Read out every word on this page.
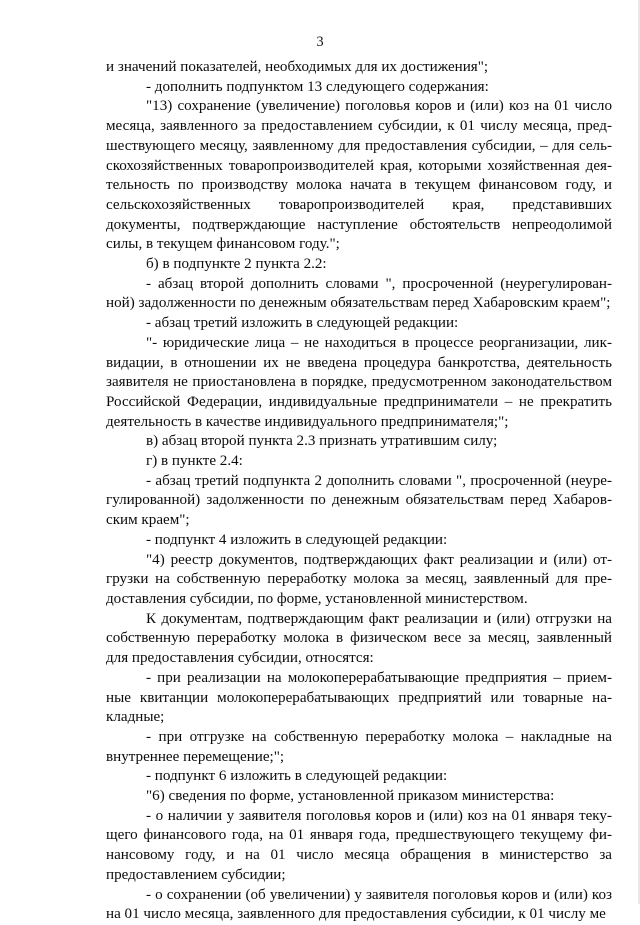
3

и значений показателей, необходимых для их достижения";

- дополнить подпунктом 13 следующего содержания:

"13) сохранение (увеличение) поголовья коров и (или) коз на 01 число месяца, заявленного за предоставлением субсидии, к 01 числу месяца, предшествующего месяцу, заявленному для предоставления субсидии, – для сельскохозяйственных товаропроизводителей края, которыми хозяйственная деятельность по производству молока начата в текущем финансовом году, и сельскохозяйственных товаропроизводителей края, представивших документы, подтверждающие наступление обстоятельств непреодолимой силы, в текущем финансовом году.";

б) в подпункте 2 пункта 2.2:

- абзац второй дополнить словами ", просроченной (неурегулированной) задолженности по денежным обязательствам перед Хабаровским краем";

- абзац третий изложить в следующей редакции:

"- юридические лица – не находиться в процессе реорганизации, ликвидации, в отношении их не введена процедура банкротства, деятельность заявителя не приостановлена в порядке, предусмотренном законодательством Российской Федерации, индивидуальные предприниматели – не прекратить деятельность в качестве индивидуального предпринимателя;";

в) абзац второй пункта 2.3 признать утратившим силу;

г) в пункте 2.4:

- абзац третий подпункта 2 дополнить словами ", просроченной (неурегулированной) задолженности по денежным обязательствам перед Хабаровским краем";

- подпункт 4 изложить в следующей редакции:

"4) реестр документов, подтверждающих факт реализации и (или) отгрузки на собственную переработку молока за месяц, заявленный для предоставления субсидии, по форме, установленной министерством.

К документам, подтверждающим факт реализации и (или) отгрузки на собственную переработку молока в физическом весе за месяц, заявленный для предоставления субсидии, относятся:

- при реализации на молокоперерабатывающие предприятия – приемные квитанции молокоперерабатывающих предприятий или товарные накладные;

- при отгрузке на собственную переработку молока – накладные на внутреннее перемещение;";

- подпункт 6 изложить в следующей редакции:

"6) сведения по форме, установленной приказом министерства:

- о наличии у заявителя поголовья коров и (или) коз на 01 января текущего финансового года, на 01 января года, предшествующего текущему финансовому году, и на 01 число месяца обращения в министерство за предоставлением субсидии;

- о сохранении (об увеличении) у заявителя поголовья коров и (или) коз на 01 число месяца, заявленного для предоставления субсидии, к 01 числу ме
